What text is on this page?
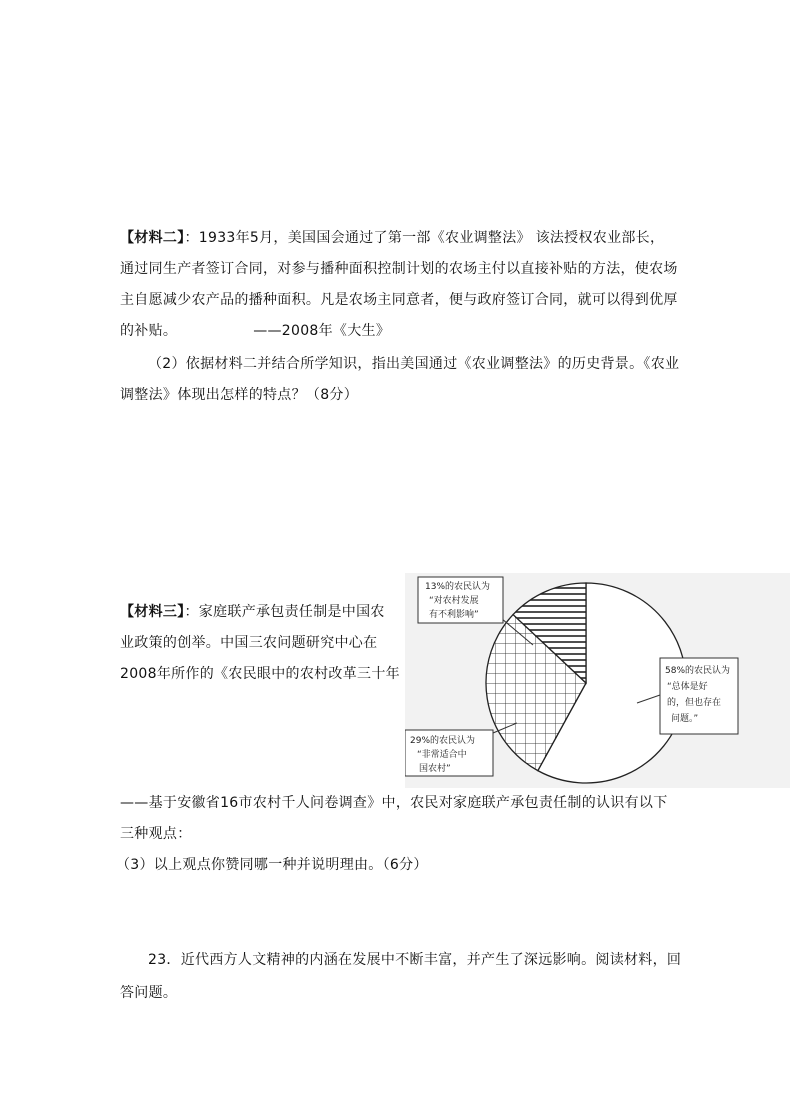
【材料二】：1933年5月，美国国会通过了第一部《农业调整法》 该法授权农业部长，
通过同生产者签订合同，对参与播种面积控制计划的农场主付以直接补贴的方法，使农场
主自愿减少农产品的播种面积。凡是农场主同意者，便与政府签订合同，就可以得到优厚
的补贴。	——2008年《大生》
（2）依据材料二并结合所学知识，指出美国通过《农业调整法》的历史背景。《农业
调整法》体现出怎样的特点？（8分）
【材料三】：家庭联产承包责任制是中国农
业政策的创举。中国三农问题研究中心在
2008年所作的《农民眼中的农村改革三十年
13%的农民认为
“对农村发展
有不利影响”
29%的农民认为
“非常适合中
国农村”
58%的农民认为
“总体是好
的，但也存在
问题。”
——基于安徽省16市农村千人问卷调查》中，农民对家庭联产承包责任制的认识有以下
三种观点：
（3）以上观点你赞同哪一种并说明理由。（6分）
23．近代西方人文精神的内涵在发展中不断丰富，并产生了深远影响。阅读材料，回
答问题。
